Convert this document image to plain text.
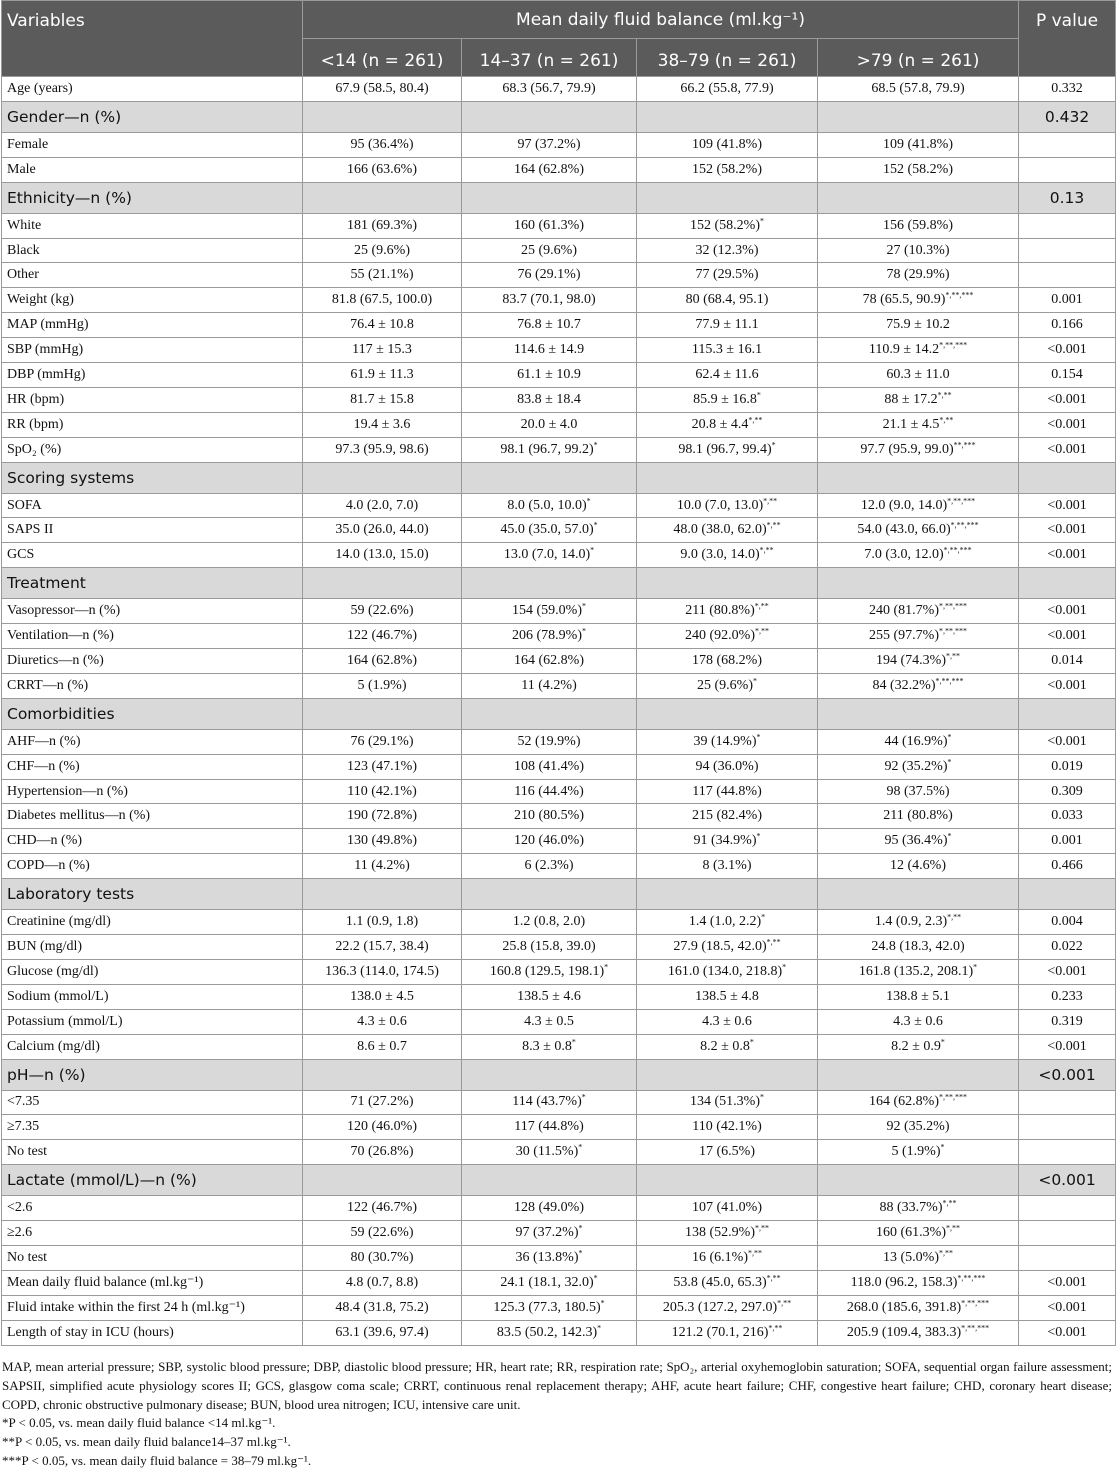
Variables	Mean daily fluid balance (ml.kg⁻¹)				P value
	<14 (n = 261)	14–37 (n = 261)	38–79 (n = 261)	>79 (n = 261)	
Age (years)	67.9 (58.5, 80.4)	68.3 (56.7, 79.9)	66.2 (55.8, 77.9)	68.5 (57.8, 79.9)	0.332
Gender—n (%)					0.432
Female	95 (36.4%)	97 (37.2%)	109 (41.8%)	109 (41.8%)	
Male	166 (63.6%)	164 (62.8%)	152 (58.2%)	152 (58.2%)	
Ethnicity—n (%)					0.13
White	181 (69.3%)	160 (61.3%)	152 (58.2%)*	156 (59.8%)	
Black	25 (9.6%)	25 (9.6%)	32 (12.3%)	27 (10.3%)	
Other	55 (21.1%)	76 (29.1%)	77 (29.5%)	78 (29.9%)	
Weight (kg)	81.8 (67.5, 100.0)	83.7 (70.1, 98.0)	80 (68.4, 95.1)	78 (65.5, 90.9)*,**,***	0.001
MAP (mmHg)	76.4 ± 10.8	76.8 ± 10.7	77.9 ± 11.1	75.9 ± 10.2	0.166
SBP (mmHg)	117 ± 15.3	114.6 ± 14.9	115.3 ± 16.1	110.9 ± 14.2*,**,***	<0.001
DBP (mmHg)	61.9 ± 11.3	61.1 ± 10.9	62.4 ± 11.6	60.3 ± 11.0	0.154
HR (bpm)	81.7 ± 15.8	83.8 ± 18.4	85.9 ± 16.8*	88 ± 17.2*,**	<0.001
RR (bpm)	19.4 ± 3.6	20.0 ± 4.0	20.8 ± 4.4*,**	21.1 ± 4.5*,**	<0.001
SpO₂ (%)	97.3 (95.9, 98.6)	98.1 (96.7, 99.2)*	98.1 (96.7, 99.4)*	97.7 (95.9, 99.0)**,***	<0.001
Scoring systems					
SOFA	4.0 (2.0, 7.0)	8.0 (5.0, 10.0)*	10.0 (7.0, 13.0)*,**	12.0 (9.0, 14.0)*,**,***	<0.001
SAPS II	35.0 (26.0, 44.0)	45.0 (35.0, 57.0)*	48.0 (38.0, 62.0)*,**	54.0 (43.0, 66.0)*,**,***	<0.001
GCS	14.0 (13.0, 15.0)	13.0 (7.0, 14.0)*	9.0 (3.0, 14.0)*,**	7.0 (3.0, 12.0)*,**,***	<0.001
Treatment					
Vasopressor—n (%)	59 (22.6%)	154 (59.0%)*	211 (80.8%)*,**	240 (81.7%)*,**,***	<0.001
Ventilation—n (%)	122 (46.7%)	206 (78.9%)*	240 (92.0%)*,**	255 (97.7%)*,**,***	<0.001
Diuretics—n (%)	164 (62.8%)	164 (62.8%)	178 (68.2%)	194 (74.3%)*,**	0.014
CRRT—n (%)	5 (1.9%)	11 (4.2%)	25 (9.6%)*	84 (32.2%)*,**,***	<0.001
Comorbidities					
AHF—n (%)	76 (29.1%)	52 (19.9%)	39 (14.9%)*	44 (16.9%)*	<0.001
CHF—n (%)	123 (47.1%)	108 (41.4%)	94 (36.0%)	92 (35.2%)*	0.019
Hypertension—n (%)	110 (42.1%)	116 (44.4%)	117 (44.8%)	98 (37.5%)	0.309
Diabetes mellitus—n (%)	190 (72.8%)	210 (80.5%)	215 (82.4%)	211 (80.8%)	0.033
CHD—n (%)	130 (49.8%)	120 (46.0%)	91 (34.9%)*	95 (36.4%)*	0.001
COPD—n (%)	11 (4.2%)	6 (2.3%)	8 (3.1%)	12 (4.6%)	0.466
Laboratory tests					
Creatinine (mg/dl)	1.1 (0.9, 1.8)	1.2 (0.8, 2.0)	1.4 (1.0, 2.2)*	1.4 (0.9, 2.3)*,**	0.004
BUN (mg/dl)	22.2 (15.7, 38.4)	25.8 (15.8, 39.0)	27.9 (18.5, 42.0)*,**	24.8 (18.3, 42.0)	0.022
Glucose (mg/dl)	136.3 (114.0, 174.5)	160.8 (129.5, 198.1)*	161.0 (134.0, 218.8)*	161.8 (135.2, 208.1)*	<0.001
Sodium (mmol/L)	138.0 ± 4.5	138.5 ± 4.6	138.5 ± 4.8	138.8 ± 5.1	0.233
Potassium (mmol/L)	4.3 ± 0.6	4.3 ± 0.5	4.3 ± 0.6	4.3 ± 0.6	0.319
Calcium (mg/dl)	8.6 ± 0.7	8.3 ± 0.8*	8.2 ± 0.8*	8.2 ± 0.9*	<0.001
pH—n (%)					<0.001
<7.35	71 (27.2%)	114 (43.7%)*	134 (51.3%)*	164 (62.8%)*,**,***	
≥7.35	120 (46.0%)	117 (44.8%)	110 (42.1%)	92 (35.2%)	
No test	70 (26.8%)	30 (11.5%)*	17 (6.5%)	5 (1.9%)*	
Lactate (mmol/L)—n (%)					<0.001
<2.6	122 (46.7%)	128 (49.0%)	107 (41.0%)	88 (33.7%)*,**	
≥2.6	59 (22.6%)	97 (37.2%)*	138 (52.9%)*,**	160 (61.3%)*,**	
No test	80 (30.7%)	36 (13.8%)*	16 (6.1%)*,**	13 (5.0%)*,**	
Mean daily fluid balance (ml.kg⁻¹)	4.8 (0.7, 8.8)	24.1 (18.1, 32.0)*	53.8 (45.0, 65.3)*,**	118.0 (96.2, 158.3)*,**,***	<0.001
Fluid intake within the first 24 h (ml.kg⁻¹)	48.4 (31.8, 75.2)	125.3 (77.3, 180.5)*	205.3 (127.2, 297.0)*,**	268.0 (185.6, 391.8)*,**,***	<0.001
Length of stay in ICU (hours)	63.1 (39.6, 97.4)	83.5 (50.2, 142.3)*	121.2 (70.1, 216)*,**	205.9 (109.4, 383.3)*,**,***	<0.001

MAP, mean arterial pressure; SBP, systolic blood pressure; DBP, diastolic blood pressure; HR, heart rate; RR, respiration rate; SpO₂, arterial oxyhemoglobin saturation; SOFA, sequential organ failure assessment; SAPSII, simplified acute physiology scores II; GCS, glasgow coma scale; CRRT, continuous renal replacement therapy; AHF, acute heart failure; CHF, congestive heart failure; CHD, coronary heart disease; COPD, chronic obstructive pulmonary disease; BUN, blood urea nitrogen; ICU, intensive care unit.

*P < 0.05, vs. mean daily fluid balance <14 ml.kg⁻¹.

**P < 0.05, vs. mean daily fluid balance14–37 ml.kg⁻¹.

***P < 0.05, vs. mean daily fluid balance = 38–79 ml.kg⁻¹.
